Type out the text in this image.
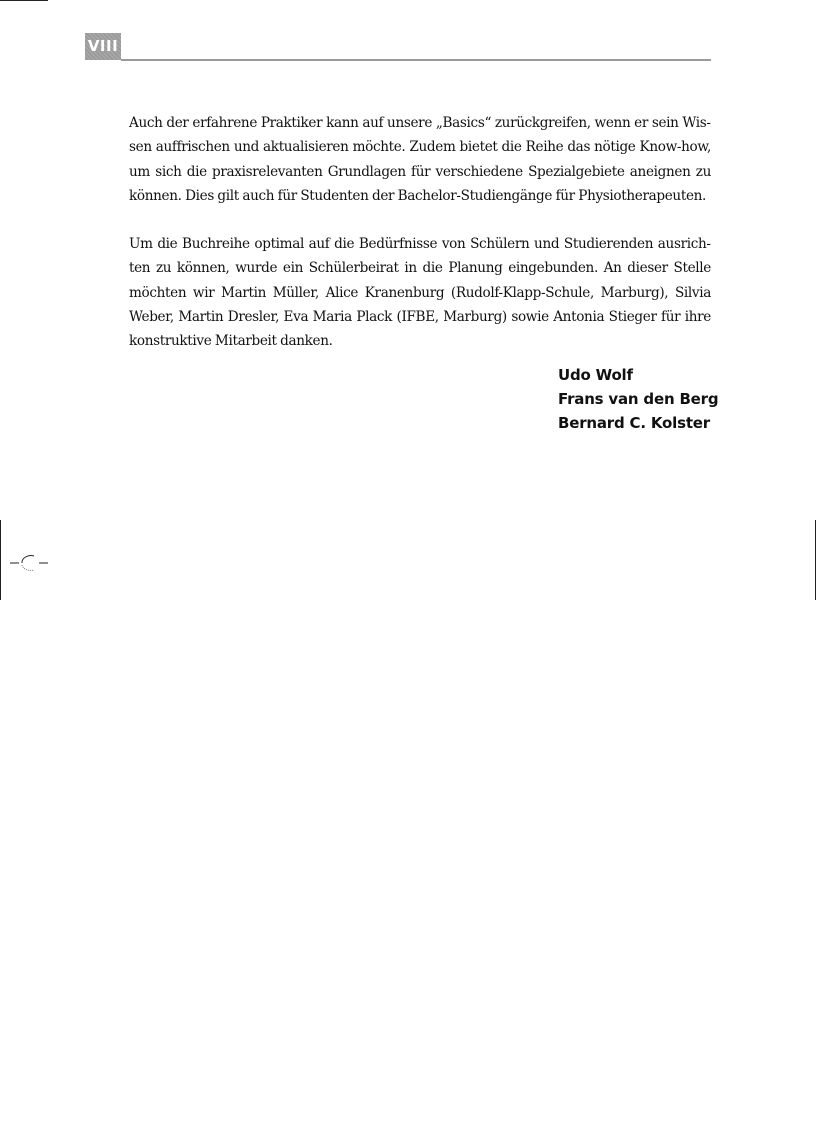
VIII

Auch der erfahrene Praktiker kann auf unsere „Basics“ zurückgreifen, wenn er sein Wissen auffrischen und aktualisieren möchte. Zudem bietet die Reihe das nötige Know-how, um sich die praxisrelevanten Grundlagen für verschiedene Spezialgebiete aneignen zu können. Dies gilt auch für Studenten der Bachelor-Studiengänge für Physiotherapeuten.

Um die Buchreihe optimal auf die Bedürfnisse von Schülern und Studierenden ausrichten zu können, wurde ein Schülerbeirat in die Planung eingebunden. An dieser Stelle möchten wir Martin Müller, Alice Kranenburg (Rudolf-Klapp-Schule, Marburg), Silvia Weber, Martin Dresler, Eva Maria Plack (IFBE, Marburg) sowie Antonia Stieger für ihre konstruktive Mitarbeit danken.

Udo Wolf
Frans van den Berg
Bernard C. Kolster
